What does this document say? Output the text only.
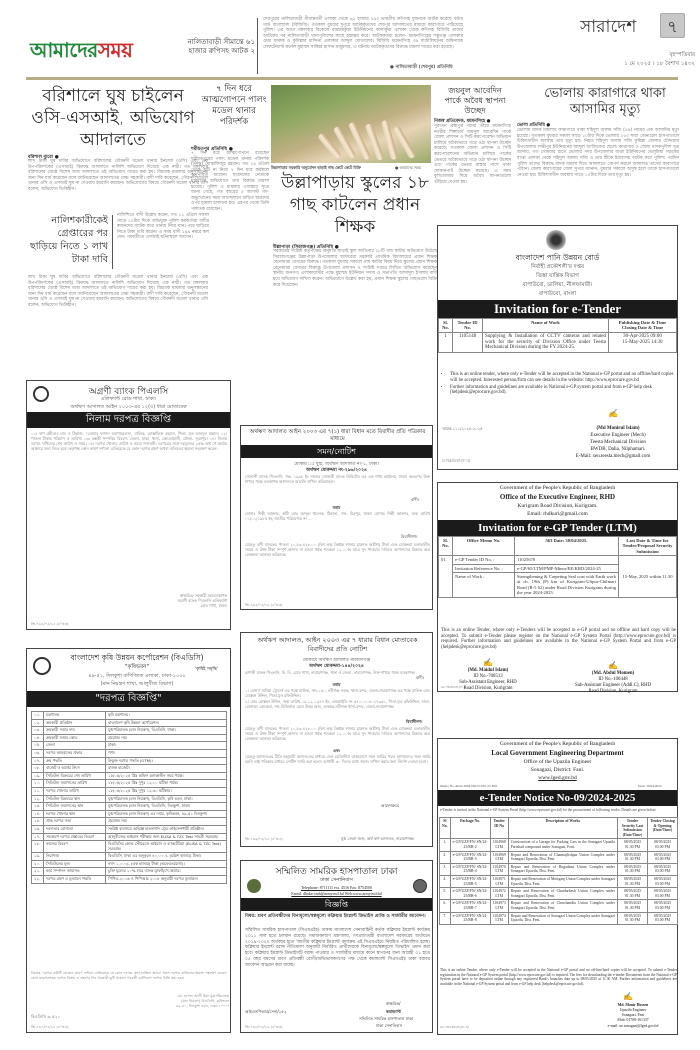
আমাদেরসময়	নালিতাবাড়ী সীমান্তে ৬১ হাজার রুপিসহ আটক ২
শেরপুরের নালিতাবাড়ী সীমান্তবর্তী এলাকা থেকে ৬১ হাজার ৭৯০ ভারতীয় রুপিসহ দুজনকে আটক করেছে বর্ডার গার্ড বাংলাদেশ (বিজিবি)। গতকাল বুধবার দুপুরে আটককৃতদের শেরপুর আদালতের মাধ্যমে কারাগারে পাঠিয়েছে পুলিশ। এর আগে মঙ্গলবার বিকেলে রামচন্দ্রকুড়া ইউনিয়নের কালাকুমা এলাকা থেকে রুপিসহ বিজিবি তাদের আটকের পর নালিতাবাড়ী থানাপুলিশের কাছে হস্তান্তর করে। আটককৃতরা হলেন- ময়মনসিংহের শম্ভুগঞ্জ এলাকার ওমর ফারুক ও কুমিল্লার চান্দিনা এলাকার আব্দুল মোতালেব। বিজিবি ময়মনসিংহ ৩৯ ব্যাটালিয়নের অধিনায়ক লেফটেন্যান্ট কর্নেল মুহাম্মদ সাব্বির হাসান মজুমদার, এ ঘটনায় আটককৃতদের বিরুদ্ধে মামলা দায়ের করা হয়েছে।
● নালিতাবাড়ী (শেরপুর) প্রতিনিধি
সারাদেশ	৭
বৃহস্পতিবার
১ মে ২০২৫ । ১৮ বৈশাখ ১৪৩২
বরিশালে ঘুষ চাইলেন ওসি-এসআই, অভিযোগ আদালতে
বরিশাল ব্যুরো ●
লাখ টাকা ঘুষ দাবির অভিযোগে বরিশালের গৌরনদী মডেল থানার ইনচার্জ (ওসি) এবং এক উপপরিদর্শকের (এসআই) বিরুদ্ধে আদালতে নালিশি অভিযোগ দিয়েছে এক নারী। গত মঙ্গলবার বরিশালের জ্যেষ্ঠ বিশেষ জজ আদালতে ওই অভিযোগ দায়ের করা হয়। বিচারক মামলার অনুসন্ধানের জন্য দিন ধার্য করেছেন বলে জানিয়েছেন আদালতের বেঞ্চ সহকারী। বাদী দাবি করেছেন, গৌরনদী মডেল থানার ওসি ও এসআই ঘুষ না দেওয়ায় হয়রানি করছেন। অভিযোগের বিষয়ে গৌরনদী মডেল থানার ওসি বলেন, অভিযোগ ভিত্তিহীন।
নালিশকারীকেই গ্রেপ্তারের পর ছাড়িয়ে নিতে ১ লাখ টাকা দাবি
নালিশিতে বাদী উল্লেখ করেন, গত ১১ এপ্রিল সকাল সাড়ে ১০টার দিকে অভিযুক্ত পুলিশ কর্মকর্তারা বাদীর স্বজনদের আটক করে থানায় নিয়ে যান। পরে ছাড়িয়ে নিতে টাকা দাবি করেন। এ সময় বাদী ১৯৯ নম্বরে কল দেন। পরবর্তীতে এসআই ঘটনাস্থলে আসেন।
লাখ টাকা ঘুষ দাবির অভিযোগে বরিশালের গৌরনদী মডেল থানার ইনচার্জ (ওসি) এবং এক উপপরিদর্শকের (এসআই) বিরুদ্ধে আদালতে নালিশি অভিযোগ দিয়েছে এক নারী। গত মঙ্গলবার বরিশালের জ্যেষ্ঠ বিশেষ জজ আদালতে ওই অভিযোগ দায়ের করা হয়। বিচারক মামলার অনুসন্ধানের জন্য দিন ধার্য করেছেন বলে জানিয়েছেন আদালতের বেঞ্চ সহকারী। বাদী দাবি করেছেন, গৌরনদী মডেল থানার ওসি ও এসআই ঘুষ না দেওয়ায় হয়রানি করছেন। অভিযোগের বিষয়ে গৌরনদী মডেল থানার ওসি বলেন, অভিযোগ ভিত্তিহীন।
৭ দিন ধরে আত্মগোপনে পালং মডেল থানার পরিদর্শক
শরীয়তপুর প্রতিনিধি ●
৭ দিন ধরে আত্মগোপনে রয়েছেন শরীয়তপুরের পালং মডেল থানার পরিদর্শক (তদন্ত) মোস্তাফিজুর রহমান। গত ২৪ এপ্রিল থেকে ছুটি না নিয়ে ৭ দিন ধরে কর্মস্থলে অনুপস্থিত আছেন। ছাত্রদলের নেতাকে মারধরের অভিযোগে তার বিরুদ্ধে মামলা হয়েছে। পুলিশ ও মামলার এজাহার সূত্রে জানা গেছে, গত বছরের ৫ আগস্ট গণ-অভ্যুত্থানের সময় আন্দোলনে জড়িত ছাত্রদের ওপর হামলা চালানো হয়। এরপর থেকে তিনি পলাতক রয়েছেন।
উল্লাপাড়ার সরকারি অনুমোদন ছাড়াই গাছ কেটে কেটে বিক্রি	● আমাদের সময়
উল্লাপাড়ায় স্কুলের ১৮ গাছ কাটলেন প্রধান শিক্ষক
উল্লাপাড়া (সিরাজগঞ্জ) প্রতিনিধি ●
সরকারের সংশ্লিষ্ট কর্তৃপক্ষের অনুমতি ছাড়াই স্কুল আঙিনার ১৮টি গাছ কাটার অভিযোগ উঠেছে সিরাজগঞ্জের উল্লাপাড়া উপজেলার জাফরেরা সরকারি প্রাথমিক বিদ্যালয়ের প্রধান শিক্ষক বেনোয়ারা বেগমের বিরুদ্ধে। গতকাল বুধবার সকালে গাছ কাটার বিষয় নিয়ে স্কুলের প্রধান শিক্ষক বেনোয়ারা বেগমের বিরুদ্ধে উপজেলা প্রশাসন ও সংশ্লিষ্ট দপ্তরে লিখিত অভিযোগ করেছেন স্থানীয় জনগণ। এলাকাবাসীর পক্ষে মুহাম্মদ ইউনিয়ন সদস্য ও সভাপতি আসাদুল ইসলাম বাদী হয়ে অভিযোগ দাখিল করেন। অভিযোগে উল্লেখ করা হয়, প্রধান শিক্ষক স্কুলের গাছগুলো বিক্রি করে দিয়েছেন।
জয়নুল আবেদিন পার্কে অবৈধ স্থাপনা উচ্ছেদ
নিজস্ব প্রতিবেদক, ময়মনসিংহ ●
পুরাতন ব্রহ্মপুত্র নদের তীরে ময়মনসিংহ নগরীর শিল্পাচার্য জয়নুল আবেদিন পার্কে জেলা প্রশাসন ও সিটি করপোরেশন অভিযান চালিয়ে অবৈধভাবে গড়ে ওঠা স্থাপনা উচ্ছেদ করেছে। গতকাল জেলা প্রশাসন ও সিটি করপোরেশনের অভিযান চালিয়ে পার্কের ভেতরে অবৈধভাবে গড়ে ওঠা স্থাপনা উচ্ছেদ এবং পার্কের ভেতর রাস্তার পাশে থাকা দোকানপাট উচ্ছেদ করেছে। এ সময় বুলডোজার দিয়ে অবৈধ স্থাপনাগুলো গুঁড়িয়ে দেওয়া হয়।
ভোলায় কারাগারে থাকা আসামির মৃত্যু
ভোলা প্রতিনিধি ●
ভোলায় মাদক মামলায় কারাগারে থাকা শহিদুল আলম সজি (৪৯) নামের এক আসামির মৃত্যু হয়েছে। গতকাল বুধবার সকাল সাড়ে ১০টার দিকে ভোলার ২৫০ শয্যা জেনারেল হাসপাতালে চিকিৎসাধীন অবস্থায় তার মৃত্যু হয়। নিহত শহিদুল আলম সজি কুমিল্লা জেলার চৌদ্দগ্রাম উপজেলার লক্ষীপুর ইউনিয়নের আব্দুল আজিজের ছেলে। কারাগার ও জেলা মাদকপুলিশ সূত্র জানায়, গত সোমবার রাতে ভোলার সদর উপজেলার বাপ্তা ইউনিয়নের ভেলুমিয়া সড়কের বাপ্তা এলাকা থেকে শহিদুল আলম সজি ও তার স্ত্রীকে ইয়াবাসহ আটক করে পুলিশ। পরদিন পুলিশ তাদের বিরুদ্ধে মাদক মামলা দিয়ে আদালতে সোপর্দ করলে আদালত তাদের কারাগারে পাঠান। জেলা কারাগারের জেল সুপার জানান, বুধবার সকালে অসুস্থ হলে তাকে হাসপাতালে নেওয়া হয়। চিকিৎসাধীন অবস্থায় সাড়ে ১০টার দিকে তার মৃত্যু হয়।
অগ্রণী ব্যাংক পিএলসি
এলিফ্যান্ট রোড শাখা, ঢাকা।
অর্থঋণ আদালত আইন ২০০৩-এর ১২(৩) ধারা মোতাবেক
নিলাম দরপত্র বিজ্ঞপ্তি
০১। ঋণ গ্রহীতার নাম ও ঠিকানা- "তোমার ফ্যাশন অ্যাপারেলস", মালিক- মোস্তাফিজ রহমান, পিতা- মৃত আবদুল মান্নান। ০২। পাওনা টাকার পরিমাণ ও তারিখ। ০৩। বন্ধকী সম্পত্তির বিবরণ: জেলা- ঢাকা, থানা- কোতোয়ালী, মৌজা- সূত্রাপুর। ০৪। নিলাম দরপত্র দাখিলের শেষ তারিখ ও সময়। ০৫। দরপত্র খোলার তারিখ ও সময়। শর্তাবলী: দরপত্রের সঙ্গে দরমূল্যের ২৫% অর্থ পে-অর্ডার আকারে জমা দিতে হবে। কর্তৃপক্ষ কোন কারণ দর্শানো ব্যতিরেকে যে কোন দরপত্র গ্রহণ অথবা বাতিলের ক্ষমতা সংরক্ষণ করেন।
স্বাক্ষরিত/ সহকারী মহাব্যবস্থাপক অগ্রণী ব্যাংক পিএলসি এলিফ্যান্ট রোড শাখা, ঢাকা।
জি-৭৬৪/০৫/২৫ (৫"×৩)
বাংলাদেশ কৃষি উন্নয়ন কর্পোরেশন (বিএডিসি)
"কৃষিভবন"	'কৃষিই সমৃদ্ধি'
৪৯-৫১, দিলকুশা বাণিজ্যিক এলাকা, ঢাকা-১০০০
(মান নিয়ন্ত্রণ শাখা, আলুবীজ বিভাগ)
"দরপত্র বিজ্ঞপ্তি"
০১.	মন্ত্রণালয়	কৃষি মন্ত্রণালয়।
০২.	ক্রয়কারী প্রতিষ্ঠান	বাংলাদেশ কৃষি উন্নয়ন কর্পোরেশন।
০৩.	ক্রয়কারী সত্তার নাম	যুগ্মপরিচালক (মান নিয়ন্ত্রণ), বিএডিসি, ঢাকা।
০৪.	ক্রয়কারী সত্তার কোড	প্রযোজ্য নয়।
০৫.	জেলা	ঢাকা।
০৬.	দরপত্র আহবানের প্রকার	পণ্য।
০৭.	ক্রয় পদ্ধতি	উন্মুক্ত দরপত্র পদ্ধতি (OTM)।
০৮.	বাজেট ও অর্থের উৎস	রাজস্ব বাজেট।
০৯.	সিডিউল বিক্রয়ের শেষ তারিখ	১৫/০৫/২০২৫ খ্রিঃ অফিস চলাকালীন সময় পর্যন্ত।
১০.	সিডিউল জমাদানের তারিখ	১৮/০৫/২০২৫ খ্রিঃ দুপুর ১২:০০ ঘটিকা পর্যন্ত।
১১.	দরপত্র খোলার তারিখ	১৮/০৫/২০২৫ খ্রিঃ দুপুর ১২:৩০ ঘটিকায়।
১২.	সিডিউল বিক্রয়ের স্থান	যুগ্মপরিচালক (মান নিয়ন্ত্রণ), বিএডিসি, কৃষি ভবন, ঢাকা।
১৩.	সিডিউল জমাদানের স্থান	যুগ্মপরিচালক (মান নিয়ন্ত্রণ), বিএডিসি, দিলকুশা, ঢাকা।
১৪.	দরপত্র খোলার স্থান	যুগ্মপরিচালক (মান নিয়ন্ত্রণ) এর দপ্তর, কৃষিভবন, ৪৯-৫১ দিলকুশা।
১৫.	প্রাক-দরপত্র সভা	প্রযোজ্য নয়।
১৬.	দরদাতার যোগ্যতা	সংশ্লিষ্ট ব্যবসায়ে অভিজ্ঞ হালনাগাদ ট্রেড লাইসেন্সধারী প্রতিষ্ঠান।
১৭.	সংক্ষেপে দরপত্র প্রস্তাবের বিবরণ	আলুবীজের ভাইরাস পরীক্ষার জন্য ELISA & TZC Test সামগ্রী সরবরাহ।
১৮.	কাজের বিবরণ	বিএডিসির কোল্ড স্টোরেজে ভাইরাস ও ব্যাকটেরিয়া (ELISA & TZC Test) সরবরাহ।
১৯.	নিরাপত্তা	বিএডিসি, ঢাকা এর অনুকূলে ৪০,০০০/- (চল্লিশ হাজার) টাকা।
২০.	সিডিউলের মূল্য	নগদ ১,০০০/- (এক হাজার) টাকা (অফেরতযোগ্য)।
২১.	কার্য সম্পাদন জামানত	চুক্তি মূল্যের ১০% হারে ব্যাংক ড্রাফট/পে-অর্ডার।
২২.	দরপত্র গ্রহণ ও মূল্যায়ন পদ্ধতি	পিপিএ-২০০৬ ও পিপিআর ২০০৮ অনুযায়ী দরপত্র মূল্যায়ন।
বিঃদ্রঃ- দরপত্র কমিটি যেকোন কারণ দর্শানো ব্যতিরেকে যে কোন দরপত্র গ্রহণ/বাতিল অথবা সকল দরপত্র বাতিলের ক্ষমতা সংরক্ষণ করেন। কোন কারণবশতঃ দরপত্র বিক্রয় ও গ্রহণের দিন সরকারী ছুটি থাকলে পরবর্তী কর্মদিবসে দরপত্র বিক্রি করা হবে।
বিএডিসি = ৫২০
মো. হাসান আলী মিয়া যুগ্মপরিচালক (মান নিয়ন্ত্রণ) বিএডিসি, কৃষিভবন ৪৯-৫১, দিলকুশা বা/এ, ঢাকা-১০০০।
জি-৭৬৭/০৫/২৫ (৫"×৪)
অর্থঋণ আদালত আইন ২০০৩ এর ৭(১) ধারা বিধান মতে বিবাদীর প্রতি পত্রিকার মাধ্যমে
সমন/নোটিশ
মোকাম ঃ যুগ্ম, অর্থঋণ আদালত নং-১, ঢাকা।
অর্থঋণ মোকদ্দমা নং-২৯৬/২০২৪
সোনালী ব্যাংক পিএলসি, গভ. ১৯৯৮ ইং সালের সোনালী ব্যাংক লিমিটেড এর এক শাখা কার্যালয়, ঢাকা। অতঃপর উক্ত শাখার পক্ষে ব্যবস্থাপক আদালতে আরজি দাখিল করিয়াছেন।
বাদী।
বনাম
মোসাঃ শিল্পী আক্তার, স্বামী মোঃ আব্দুল খালেক, ঠিকানা- সাং- মিরপুর, ঢাকা। মোসাঃ শিল্পী আক্তার, জন্ম তারিখ ০১/০১/১৯৮৫ ইং, জাতীয় পরিচয়পত্র নং ...
বিবাদীগণ।
যেহেতু বাদী ব্যাংকের পাওনা ২০,৫৩,৪২৮.০০ (বিশ লক্ষ তিপ্পান্ন হাজার চারশত আটাশ) টাকা এবং মোকদ্দমা চলাকালীন সময়ে ও উক্ত টাকা সম্পূর্ণ আদায় না হওয়া পর্যন্ত শতকরা ১২.০০% হারে সুদ পাওয়ার দাবিতে আপনাদের বিরুদ্ধে অত্র মোকদ্দমা আনয়ন করিয়াছে।
জি-৭৬৫/০৫/২৫ (৫"×৩)
অর্থঋণ আদালত, আইন ২০০৩ এর ৭ ধারার বিধান মোতাবেক বিবাদীদের প্রতি নোটিশ
মোকামে অর্থঋণ আদালত নারায়ণগঞ্জ
অর্থঋণ মোকদ্দমা-১৪৪/২০২৪
রূপালী ব্যাংক পিএলসি, বি. বি. রোড শাখা, নারায়ণগঞ্জ, থানা ও জেলা- নারায়ণগঞ্জ, উক্ত শাখার পক্ষে ব্যবস্থাপক।
বাদী।
বনাম
১। মেসার্স সাদিয়া ট্রেডার্স এর পক্ষে মালিক, সাং-১৫০, নবীগঞ্জ সড়ক, থানা-বন্দর, জেলা-নারায়ণগঞ্জ এর পক্ষে মালিক মোঃ মোস্তফা উদ্দিন, পিতা-মৃত রফিউদ্দিন।
২। মোঃ মোস্তফা উদ্দিন, জন্ম তারিখ-০৯-১২-১৯৭৭ ইং, এনআইডি নং ৫৭০০০০৪০২৭৩৬১, পিতা-মৃত রফিউদ্দিন, মাতা-মোসাম্মৎ রোকেয়া, সাং-বিজিলাল রোড উত্তর আন, ডাকঘর-নবীগঞ্জ থানা-বন্দর, জেলা-নারায়ণগঞ্জ।
বিবাদীগণ।
যেহেতু বাদী ব্যাংকের পাওনা ২০,৫৩,৪২৮.০০ (বিশ লক্ষ তিপ্পান্ন হাজার চারশত আটাশ) টাকা এবং মোকদ্দমা চলাকালীন সময়ে ও উক্ত টাকা সম্পূর্ণ আদায় না হওয়া পর্যন্ত শতকরা ১২.০০% হারে সুদ পাওয়ার দাবিতে আপনাদের বিরুদ্ধে অত্র মোকদ্দমা আনয়ন করিয়াছে।
এবং
যেহেতু আদালতের রীতি অনুযায়ী আদালতের মাধ্যমে এবং রেজিস্টার্ড ডাকযোগে সমন জারির পরও আপনাদের সমন জারি হয়নি তাই পত্রিকার মাধ্যমে নোটিশ জারি করা হলো। আগামী ৩০ দিনের মধ্যে জবাব দাখিল করার জন্য নির্দেশ দেওয়া হলো।
আদেশক্রমে
জি-৭৬৬/০৫/২৫ (৫"×৫)	যুগ্ম জেলা জজ, অর্থ ঋণ আদালত, নারায়ণগঞ্জ।
সম্মিলিত সামরিক হাসপাতাল ঢাকা
ঢাকা সেনানিবাস
Telephone: 8711111 ext. 4516 Fax: 8754500
Email: dhaka-cmh@army.mil.bd Web:www.army.mil.bd
বিজ্ঞপ্তি
বিষয়: শ্রবণ প্রতিবন্ধীদের বিনামূল্যে/স্বল্পমূল্যে কক্লিয়ার ইমপ্লান্ট ডিভাইস প্রাপ্তি ও সার্জারীর আবেদন।
সম্মিলিত সামরিক হাসপাতাল (সিএমএইচ) ঢাকায় বাংলাদেশ সেনাবাহিনী কর্তৃক কক্লিয়ার ইমপ্লান্ট কার্যক্রম ২০১১ সাল হতে চলমান রয়েছে। সমাজকল্যাণ মন্ত্রণালয়, গণপ্রজাতন্ত্রী বাংলাদেশ সরকারের অর্থায়নে ২০১৯-২০২০ অর্থবছর হতে 'জাতীয় কক্লিয়ার ইমপ্লান্ট' কার্যক্রম এই সিএমএইচে নিয়মিত পরিচালিত হচ্ছে। কক্লিয়ার ইমপ্লান্ট বরাদ্দ নীতিমালা অনুযায়ী নির্ধারিত প্রার্থীদেরকে বিনামূল্যে/স্বল্পমূল্যে ডিভাইস প্রদান করা হবে। কক্লিয়ার ইমপ্লান্ট ডিভাইসটি বরাদ্দ পাওয়ার ও সার্জারীর মাধ্যমে কানে স্থাপনের জন্য আগ্রহী ০১ হতে ০৫ বছর বয়সের শ্রবণ প্রতিবন্ধী রোগী/অভিভাবকগণের পক্ষ থেকে কমান্ড্যান্ট সিএমএইচ ঢাকা বরাবর আবেদন আহ্বান করা যাচ্ছে।
স্বাক্ষরিত/
আইএসপিআর/সেনা/২৫২	কমান্ড্যান্ট
সম্মিলিত সামরিক হাসপাতাল ঢাকা
ঢাকা সেনানিবাস
জি-৭৬৮/০৫/২৫ (৫"×৩)
বাংলাদেশ পানি উন্নয়ন বোর্ড
নির্বাহী প্রকৌশলী'র দপ্তর
তিস্তা যান্ত্রিক বিভাগ
বাপাউবো, ডালিয়া, নীলফামারী।
বাপাউবো, বাংলা
Invitation for e-Tender
Sl. No.	Tender ID No.	Name of Work	Publishing Date & Time Closing Date & Time
1	1105148	Supplying & Installation of CCTV cameras and related work for the security of Division Office under Teesta Mechanical Division during the FY 2024-25.	30-Apr-2025 09:00
15-May-2025 14:30
• This is an online tender, where only e-Tender will be accepted in the National e-GP portal and no offline/hard copies will be accepted. Interested person/firm can see details in the website: http://www.eprocure.gov.bd
• Further information and guidelines are available in National e-GP system portal and from e-GP help desk (helpdesk@eprocure.gov.bd).
স্মারক-১১১/২০২৪-২০২৫
✍
(Md Monirul Islam)
Executive Engineer (Mech)
Teesta Mechanical Division
BWDB, Dalia, Nilphamari.
E-Mail: xen.teesta.mech@gmail.com
G-764/05/25 (5"-3)
Government of the People's Republic of Bangladesh
Office of the Executive Engineer, RHD
Kurigram Road Division, Kurigram.
Email: rhdkuri@gmail.com
Invitation for e-GP Tender (LTM)
Sl. No.	Office Memo No.	563 Date: 30/04/2025.	Last Date & Time for Tender/Proposal Security Submission
01.	e-GP Tender ID No. :	11025670	15-May, 2025 within 11:30
	Invitation Reference No. :	e-GP/65/LTM/PMP-Minor/EE/KRD/2024-25	
	Name of Work :	Strengthening & Carpeting Seal coat with Earth work at ch. 19th (P) km of Kurigram-Ulipur-Chilmari Road (R-5 62) under Road Division Kurigram during the year 2024-2025.	
This is an online Tender, where only e-Tenders will be accepted in e-GP portal and no offline and hard copy will be accepted. To submit e-Tender please register on the National e-GP System Portal (http://www.eprocure.gov.bd) is required. Further information and guidelines are available in the National e-GP System Portal and from e-GP (helpdesk@eprocure.gov.bd)
✍	✍
(Md. Maidul Islam)
ID No.-700513
Sub-Assistant Engineer, RHD
Road Division, Kurigram
(Md. Abdul Momen)
ID No.-100448
Sub-Assistant Engineer (Addl.C), RHD
Road Division, Kurigram
GC-763/05/25 (5"-3)
Government of the People's Republic of Bangladesh
Local Government Engineering Department
Office of the Upazila Engineer
Sonagazi, District: Fani.
www.lged.gov.bd
Memo No-46.02.3094.000.07.001.25-839	Date: 30/04/2025
e-Tender Notice No-09/2024-2025
e-Tender is invited in the National e-GP System Portal (http://www.eprocure.gov.bd) for the procurement of following works. Details are given below:
Sl No.	Package No.	Tender ID No	Description of Works	Tender Security Last Submission (Date/Time)	Tender Closing & Opening (Date/Time)
1.	e-GP/UZP/FN/ SN/24-25/RB-2	1104968 LTM	Construction of a Garage for Parking Cars in the Sonagazi Upazila Parishad compound under Sonagazi, Feni.	08/05/2025 01.30 PM	08/05/2025 03.00 PM
2.	e-GP/UZP/FN/ SN/24-25/RB-3	1104969 LTM	Repair and Renovation of Charmajlishpur Union Complex under Sonagazi Upazila, Dist. Feni.	08/05/2025 01.30 PM	08/05/2025 03.00 PM
3.	e-GP/UZP/FN/ SN/24-25/RB-4	1104970 LTM	Repair and Renovation of Bogadana Union Complex under Sonagazi Upazila, Dist. Feni.	08/05/2025 01.30 PM	08/05/2025 03.00 PM
4.	e-GP/UZP/FN/ SN/24-25/RB-5	1104971 LTM	Repair and Renovation of Motiganj Union Complex under Sonagazi Upazila, Dist. Feni.	08/05/2025 01.30 PM	08/05/2025 03.00 PM
5.	e-GP/UZP/FN/ SN/24-25/RB-6	1104972 LTM	Repair and Renovation of Chardarbesh Union Complex under Sonagazi Upazila, Dist. Feni.	08/05/2025 01.30 PM	08/05/2025 03.00 PM
6.	e-GP/UZP/FN/ SN/24-25/RB-7	1104973 LTM	Repair and Renovation of Charchandia Union Complex under Sonagazi Upazila, Dist. Feni.	08/05/2025 01.30 PM	08/05/2025 03.00 PM
7.	e-GP/UZP/FN/ SN/24-25/RB-8	1104974 LTM	Repair and Renovation of Sonagazi Union Complex under Sonagazi Upazila, Dist. Feni.	08/05/2025 01.30 PM	08/05/2025 03.00 PM
This is an online Tender, where only e-Tender will be accepted in the National e-GP portal and no off-line/hard copies will be accepted. To submit e-Tender registration in the National e-GP System portal (http://www.eprocure.gov.bd) is required. The fees for downloading the e-tender Documents from the National e-GP System portal have to be deposited online through any registered Bank's branches date up to 08/05/2025 at 11.30 AM. Further information and guidelines are available in the National e-GP System portal and from e-GP help desk (helpdesk@eprocure.gov.bd).
✍
Md. Monir Hossen
Upazila Engineer
Sonagazi, Feni
Mob: 01708-161337
e-mail: ue.sonagazi@lged.gov.bd
GC-761/05/25 (6"-3)
